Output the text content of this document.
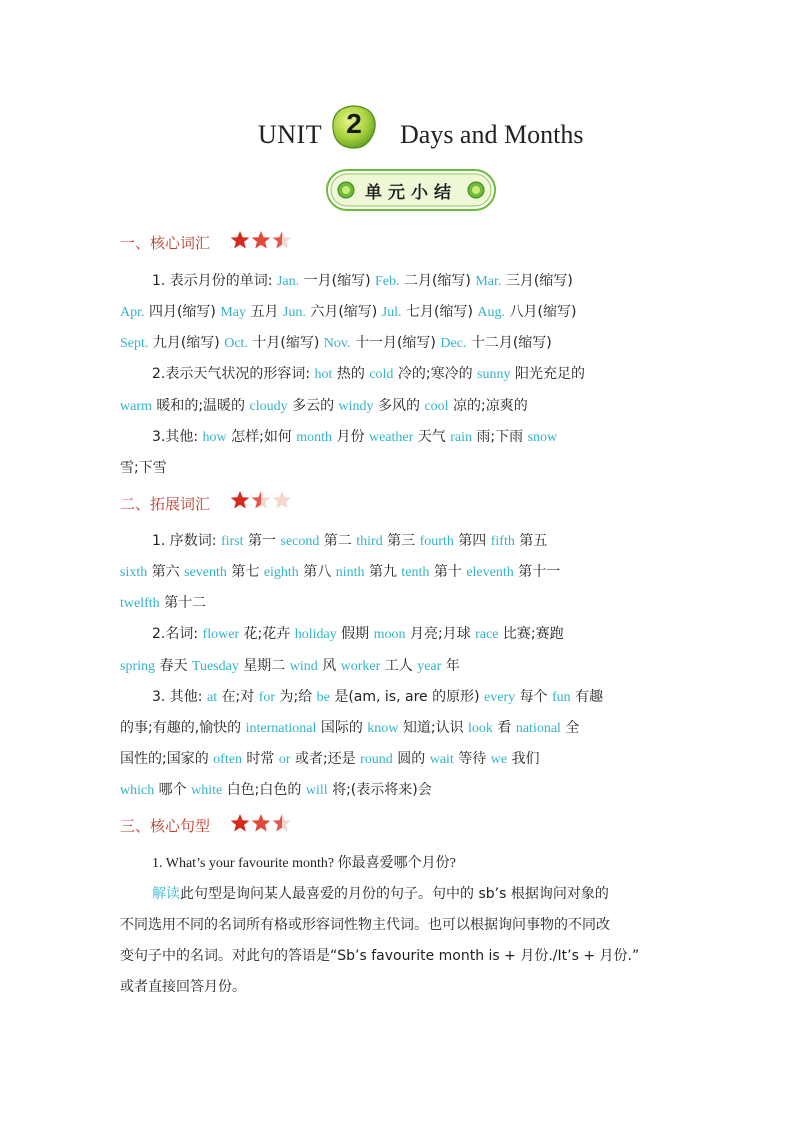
UNIT 2	Days and Months
单元小结
一、核心词汇
1. 表示月份的单词: Jan. 一月(缩写) Feb. 二月(缩写) Mar. 三月(缩写)
Apr. 四月(缩写) May 五月 Jun. 六月(缩写) Jul. 七月(缩写) Aug. 八月(缩写)
Sept. 九月(缩写) Oct. 十月(缩写) Nov. 十一月(缩写) Dec. 十二月(缩写)
2.表示天气状况的形容词: hot 热的 cold 冷的;寒冷的 sunny 阳光充足的
warm 暖和的;温暖的 cloudy 多云的 windy 多风的 cool 凉的;凉爽的
3.其他: how 怎样;如何 month 月份 weather 天气 rain 雨;下雨 snow
雪;下雪
二、拓展词汇
1. 序数词: first 第一 second 第二 third 第三 fourth 第四 fifth 第五
sixth 第六 seventh 第七 eighth 第八 ninth 第九 tenth 第十 eleventh 第十一
twelfth 第十二
2.名词: flower 花;花卉 holiday 假期 moon 月亮;月球 race 比赛;赛跑
spring 春天 Tuesday 星期二 wind 风 worker 工人 year 年
3. 其他: at 在;对 for 为;给 be 是(am, is, are 的原形) every 每个 fun 有趣
的事;有趣的,愉快的 international 国际的 know 知道;认识 look 看 national 全
国性的;国家的 often 时常 or 或者;还是 round 圆的 wait 等待 we 我们
which 哪个 white 白色;白色的 will 将;(表示将来)会
三、核心句型
1. What’s your favourite month? 你最喜爱哪个月份?
解读此句型是询问某人最喜爱的月份的句子。句中的 sb’s 根据询问对象的
不同选用不同的名词所有格或形容词性物主代词。也可以根据询问事物的不同改
变句子中的名词。对此句的答语是“Sb’s favourite month is + 月份./It’s + 月份.”
或者直接回答月份。
